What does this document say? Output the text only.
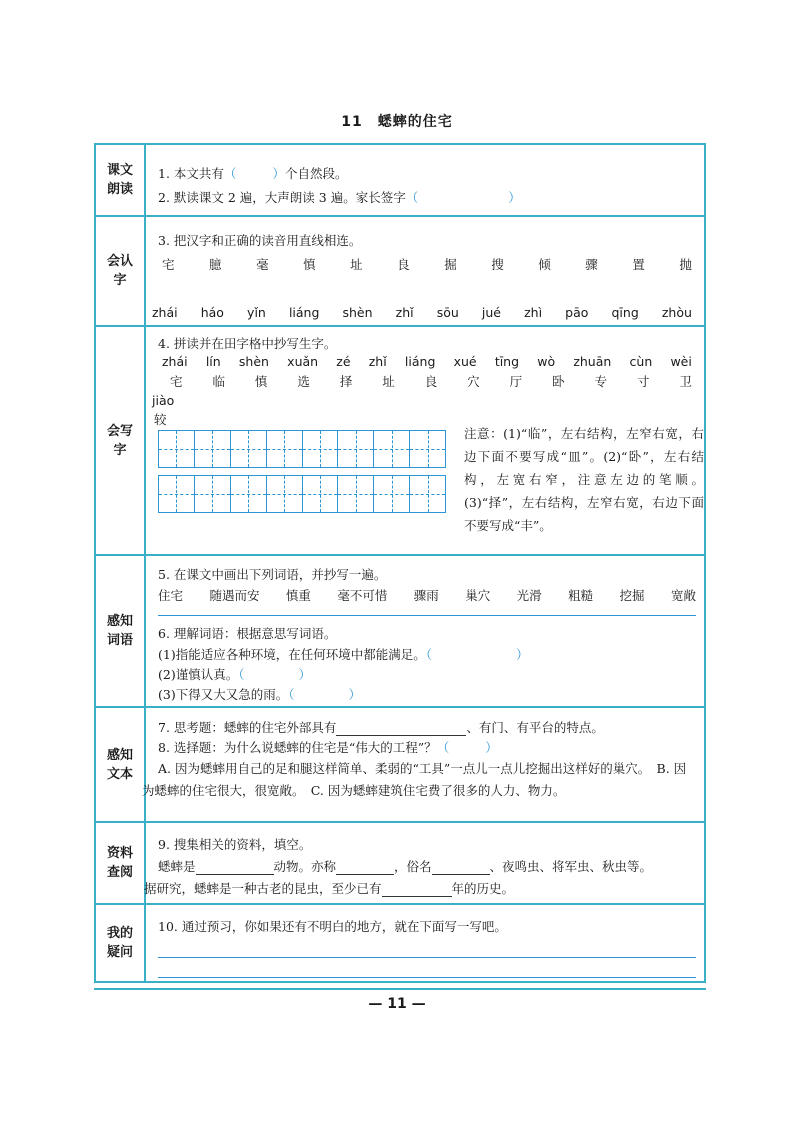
11　蟋蟀的住宅
课文朗读
1. 本文共有（	）个自然段。
2. 默读课文 2 遍，大声朗读 3 遍。家长签字（	）
会认字
3. 把汉字和正确的读音用直线相连。
宅	臆	毫	慎	址	良	掘	搜	倾	骤	置	抛
zhái háo yǐn liáng shèn zhǐ sōu jué zhì pāo qīng zhòu
会写字
4. 拼读并在田字格中抄写生字。
zhái lín shèn xuǎn zé zhǐ liáng xué tīng wò zhuān cùn wèi
宅 临 慎 选 择 址 良 穴 厅 卧 专 寸 卫
jiào
较
注意：(1)“临”，左右结构，左窄右宽，右边下面不要写成“皿”。(2)“卧”，左右结构，左宽右窄，注意左边的笔顺。(3)“择”，左右结构，左窄右宽，右边下面不要写成“丰”。
感知词语
5. 在课文中画出下列词语，并抄写一遍。
住宅 随遇而安 慎重 毫不可惜 骤雨 巢穴 光滑 粗糙 挖掘 宽敞
6. 理解词语：根据意思写词语。
(1)指能适应各种环境，在任何环境中都能满足。（	）
(2)谨慎认真。（	）
(3)下得又大又急的雨。（	）
感知文本
7. 思考题：蟋蟀的住宅外部具有	、有门、有平台的特点。
8. 选择题：为什么说蟋蟀的住宅是“伟大的工程”？（	）
A. 因为蟋蟀用自己的足和腿这样简单、柔弱的“工具”一点儿一点儿挖掘出这样好的巢穴。　B. 因为蟋蟀的住宅很大，很宽敞。　C. 因为蟋蟀建筑住宅费了很多的人力、物力。
资料查阅
9. 搜集相关的资料，填空。
蟋蟀是	动物。亦称	，俗名	、夜鸣虫、将军虫、秋虫等。
据研究，蟋蟀是一种古老的昆虫，至少已有	年的历史。
我的疑问
10. 通过预习，你如果还有不明白的地方，就在下面写一写吧。
— 11 —
